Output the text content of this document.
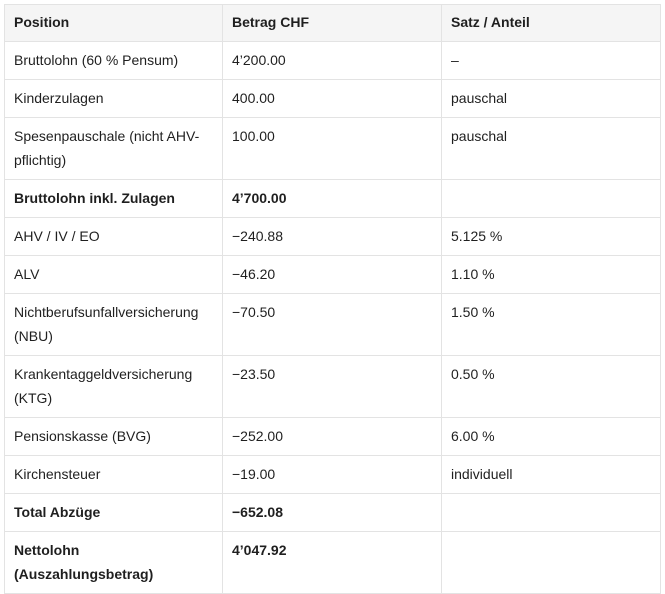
Position	Betrag CHF	Satz / Anteil
Bruttolohn (60 % Pensum)	4’200.00	–
Kinderzulagen	400.00	pauschal
Spesenpauschale (nicht AHV-pflichtig)	100.00	pauschal
Bruttolohn inkl. Zulagen	4’700.00	
AHV / IV / EO	−240.88	5.125 %
ALV	−46.20	1.10 %
Nichtberufsunfallversicherung (NBU)	−70.50	1.50 %
Krankentaggeldversicherung (KTG)	−23.50	0.50 %
Pensionskasse (BVG)	−252.00	6.00 %
Kirchensteuer	−19.00	individuell
Total Abzüge	−652.08	
Nettolohn (Auszahlungsbetrag)	4’047.92	
